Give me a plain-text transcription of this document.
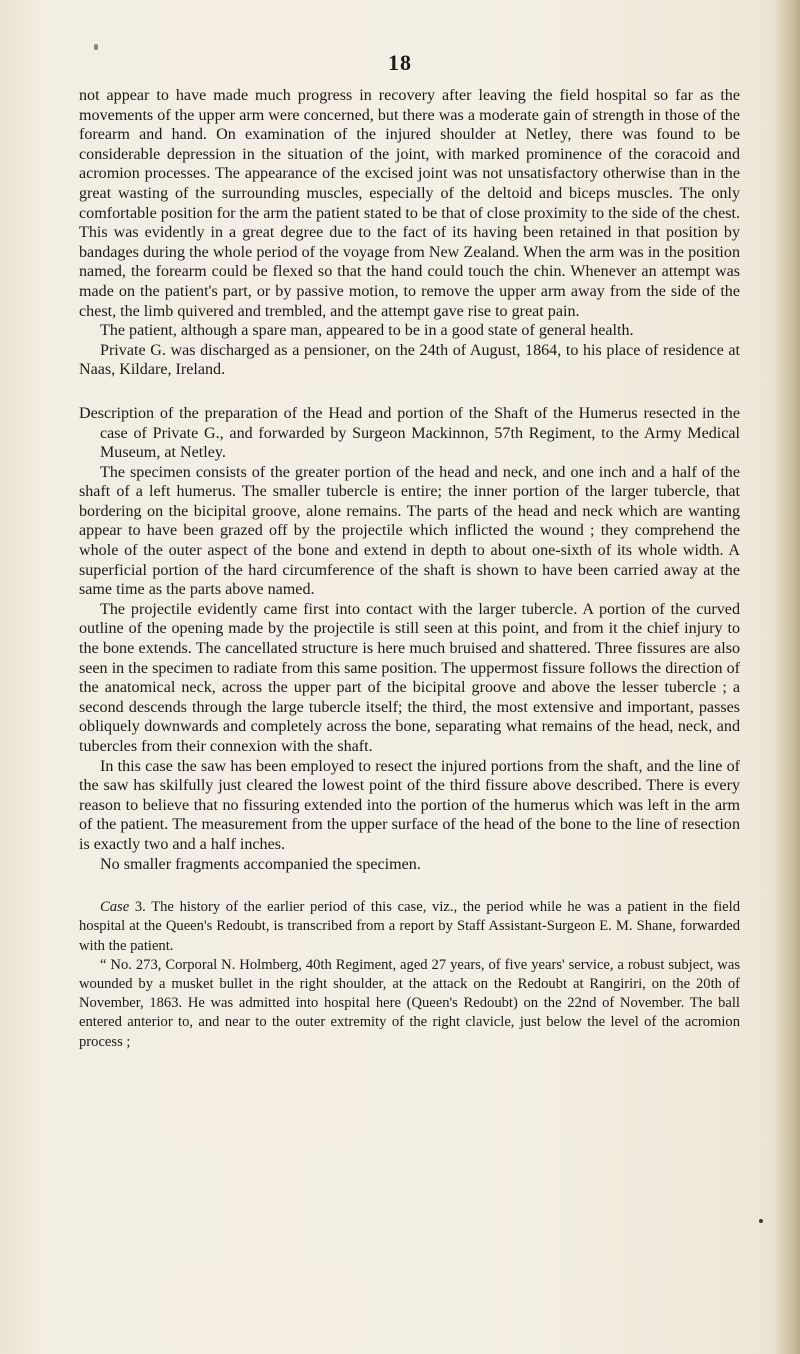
18

not appear to have made much progress in recovery after leaving the field hospital so far as the movements of the upper arm were concerned, but there was a moderate gain of strength in those of the forearm and hand. On examination of the injured shoulder at Netley, there was found to be considerable depression in the situation of the joint, with marked prominence of the coracoid and acromion processes. The appearance of the excised joint was not unsatisfactory otherwise than in the great wasting of the surrounding muscles, especially of the deltoid and biceps muscles. The only comfortable position for the arm the patient stated to be that of close proximity to the side of the chest. This was evidently in a great degree due to the fact of its having been retained in that position by bandages during the whole period of the voyage from New Zealand. When the arm was in the position named, the forearm could be flexed so that the hand could touch the chin. Whenever an attempt was made on the patient's part, or by passive motion, to remove the upper arm away from the side of the chest, the limb quivered and trembled, and the attempt gave rise to great pain.

The patient, although a spare man, appeared to be in a good state of general health.

Private G. was discharged as a pensioner, on the 24th of August, 1864, to his place of residence at Naas, Kildare, Ireland.

Description of the preparation of the Head and portion of the Shaft of the Humerus resected in the case of Private G., and forwarded by Surgeon Mackinnon, 57th Regiment, to the Army Medical Museum, at Netley.

The specimen consists of the greater portion of the head and neck, and one inch and a half of the shaft of a left humerus. The smaller tubercle is entire; the inner portion of the larger tubercle, that bordering on the bicipital groove, alone remains. The parts of the head and neck which are wanting appear to have been grazed off by the projectile which inflicted the wound ; they comprehend the whole of the outer aspect of the bone and extend in depth to about one-sixth of its whole width. A superficial portion of the hard circumference of the shaft is shown to have been carried away at the same time as the parts above named.

The projectile evidently came first into contact with the larger tubercle. A portion of the curved outline of the opening made by the projectile is still seen at this point, and from it the chief injury to the bone extends. The cancellated structure is here much bruised and shattered. Three fissures are also seen in the specimen to radiate from this same position. The uppermost fissure follows the direction of the anatomical neck, across the upper part of the bicipital groove and above the lesser tubercle ; a second descends through the large tubercle itself; the third, the most extensive and important, passes obliquely downwards and completely across the bone, separating what remains of the head, neck, and tubercles from their connexion with the shaft.

In this case the saw has been employed to resect the injured portions from the shaft, and the line of the saw has skilfully just cleared the lowest point of the third fissure above described. There is every reason to believe that no fissuring extended into the portion of the humerus which was left in the arm of the patient. The measurement from the upper surface of the head of the bone to the line of resection is exactly two and a half inches.

No smaller fragments accompanied the specimen.

Case 3. The history of the earlier period of this case, viz., the period while he was a patient in the field hospital at the Queen's Redoubt, is transcribed from a report by Staff Assistant-Surgeon E. M. Shane, forwarded with the patient.

“ No. 273, Corporal N. Holmberg, 40th Regiment, aged 27 years, of five years' service, a robust subject, was wounded by a musket bullet in the right shoulder, at the attack on the Redoubt at Rangiriri, on the 20th of November, 1863. He was admitted into hospital here (Queen's Redoubt) on the 22nd of November. The ball entered anterior to, and near to the outer extremity of the right clavicle, just below the level of the acromion process ;
